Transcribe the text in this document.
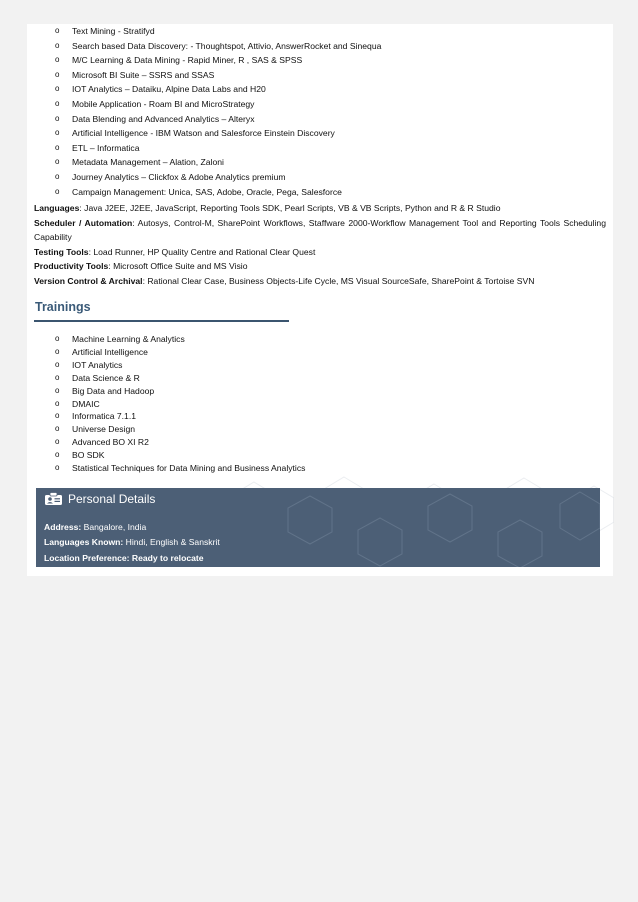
o Text Mining - Stratifyd
o Search based Data Discovery: - Thoughtspot, Attivio, AnswerRocket and Sinequa
o M/C Learning & Data Mining - Rapid Miner, R , SAS & SPSS
o Microsoft BI Suite – SSRS and SSAS
o IOT Analytics – Dataiku, Alpine Data Labs and H20
o Mobile Application - Roam BI and MicroStrategy
o Data Blending and Advanced Analytics – Alteryx
o Artificial Intelligence - IBM Watson and Salesforce Einstein Discovery
o ETL – Informatica
o Metadata Management – Alation, Zaloni
o Journey Analytics – Clickfox & Adobe Analytics premium
o Campaign Management: Unica, SAS, Adobe, Oracle, Pega, Salesforce

Languages: Java J2EE, J2EE, JavaScript, Reporting Tools SDK, Pearl Scripts, VB & VB Scripts, Python and R & R Studio

Scheduler / Automation: Autosys, Control-M, SharePoint Workflows, Staffware 2000-Workflow Management Tool and Reporting Tools Scheduling Capability

Testing Tools: Load Runner, HP Quality Centre and Rational Clear Quest

Productivity Tools: Microsoft Office Suite and MS Visio

Version Control & Archival: Rational Clear Case, Business Objects-Life Cycle, MS Visual SourceSafe, SharePoint & Tortoise SVN

Trainings
o Machine Learning & Analytics
o Artificial Intelligence
o IOT Analytics
o Data Science & R
o Big Data and Hadoop
o DMAIC
o Informatica 7.1.1
o Universe Design
o Advanced BO XI R2
o BO SDK
o Statistical Techniques for Data Mining and Business Analytics
Personal Details
Address: Bangalore, India
Languages Known: Hindi, English & Sanskrit
Location Preference: Ready to relocate
